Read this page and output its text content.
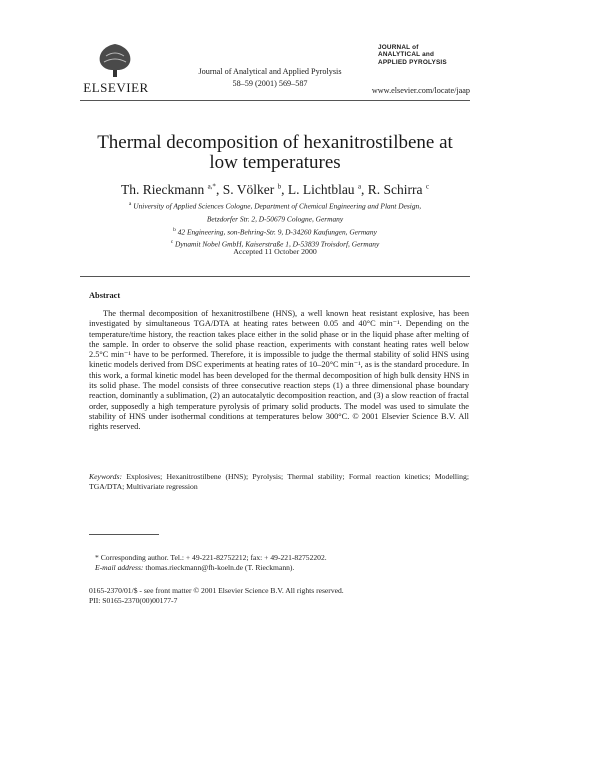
ELSEVIER
Journal of Analytical and Applied Pyrolysis
58–59 (2001) 569–587
JOURNAL of
ANALYTICAL and
APPLIED PYROLYSIS
www.elsevier.com/locate/jaap
Thermal decomposition of hexanitrostilbene at
low temperatures
Th. Rieckmann $^{a,*}$, S. Völker $^b$, L. Lichtblau $^a$, R. Schirra $^c$
$^a$ University of Applied Sciences Cologne, Department of Chemical Engineering and Plant Design,
Betzdorfer Str. 2, D-50679 Cologne, Germany
$^b$ 42 Engineering, son-Behring-Str. 9, D-34260 Kaufungen, Germany
$^c$ Dynamit Nobel GmbH, Kaiserstraße 1, D-53839 Troisdorf, Germany
Accepted 11 October 2000
Abstract
The thermal decomposition of hexanitrostilbene (HNS), a well known heat resistant explosive, has been investigated by simultaneous TGA/DTA at heating rates between 0.05 and 40°C min⁻¹. Depending on the temperature/time history, the reaction takes place either in the solid phase or in the liquid phase after melting of the sample. In order to observe the solid phase reaction, experiments with constant heating rates well below 2.5°C min⁻¹ have to be performed. Therefore, it is impossible to judge the thermal stability of solid HNS using kinetic models derived from DSC experiments at heating rates of 10–20°C min⁻¹, as is the standard procedure. In this work, a formal kinetic model has been developed for the thermal decomposition of high bulk density HNS in its solid phase. The model consists of three consecutive reaction steps (1) a three dimensional phase boundary reaction, dominantly a sublimation, (2) an autocatalytic decomposition reaction, and (3) a slow reaction of fractal order, supposedly a high temperature pyrolysis of primary solid products. The model was used to simulate the stability of HNS under isothermal conditions at temperatures below 300°C. © 2001 Elsevier Science B.V. All rights reserved.
Keywords: Explosives; Hexanitrostilbene (HNS); Pyrolysis; Thermal stability; Formal reaction kinetics; Modelling; TGA/DTA; Multivariate regression
* Corresponding author. Tel.: + 49-221-82752212; fax: + 49-221-82752202.
E-mail address: thomas.rieckmann@fh-koeln.de (T. Rieckmann).
0165-2370/01/$ - see front matter © 2001 Elsevier Science B.V. All rights reserved.
PII: S0165-2370(00)00177-7
